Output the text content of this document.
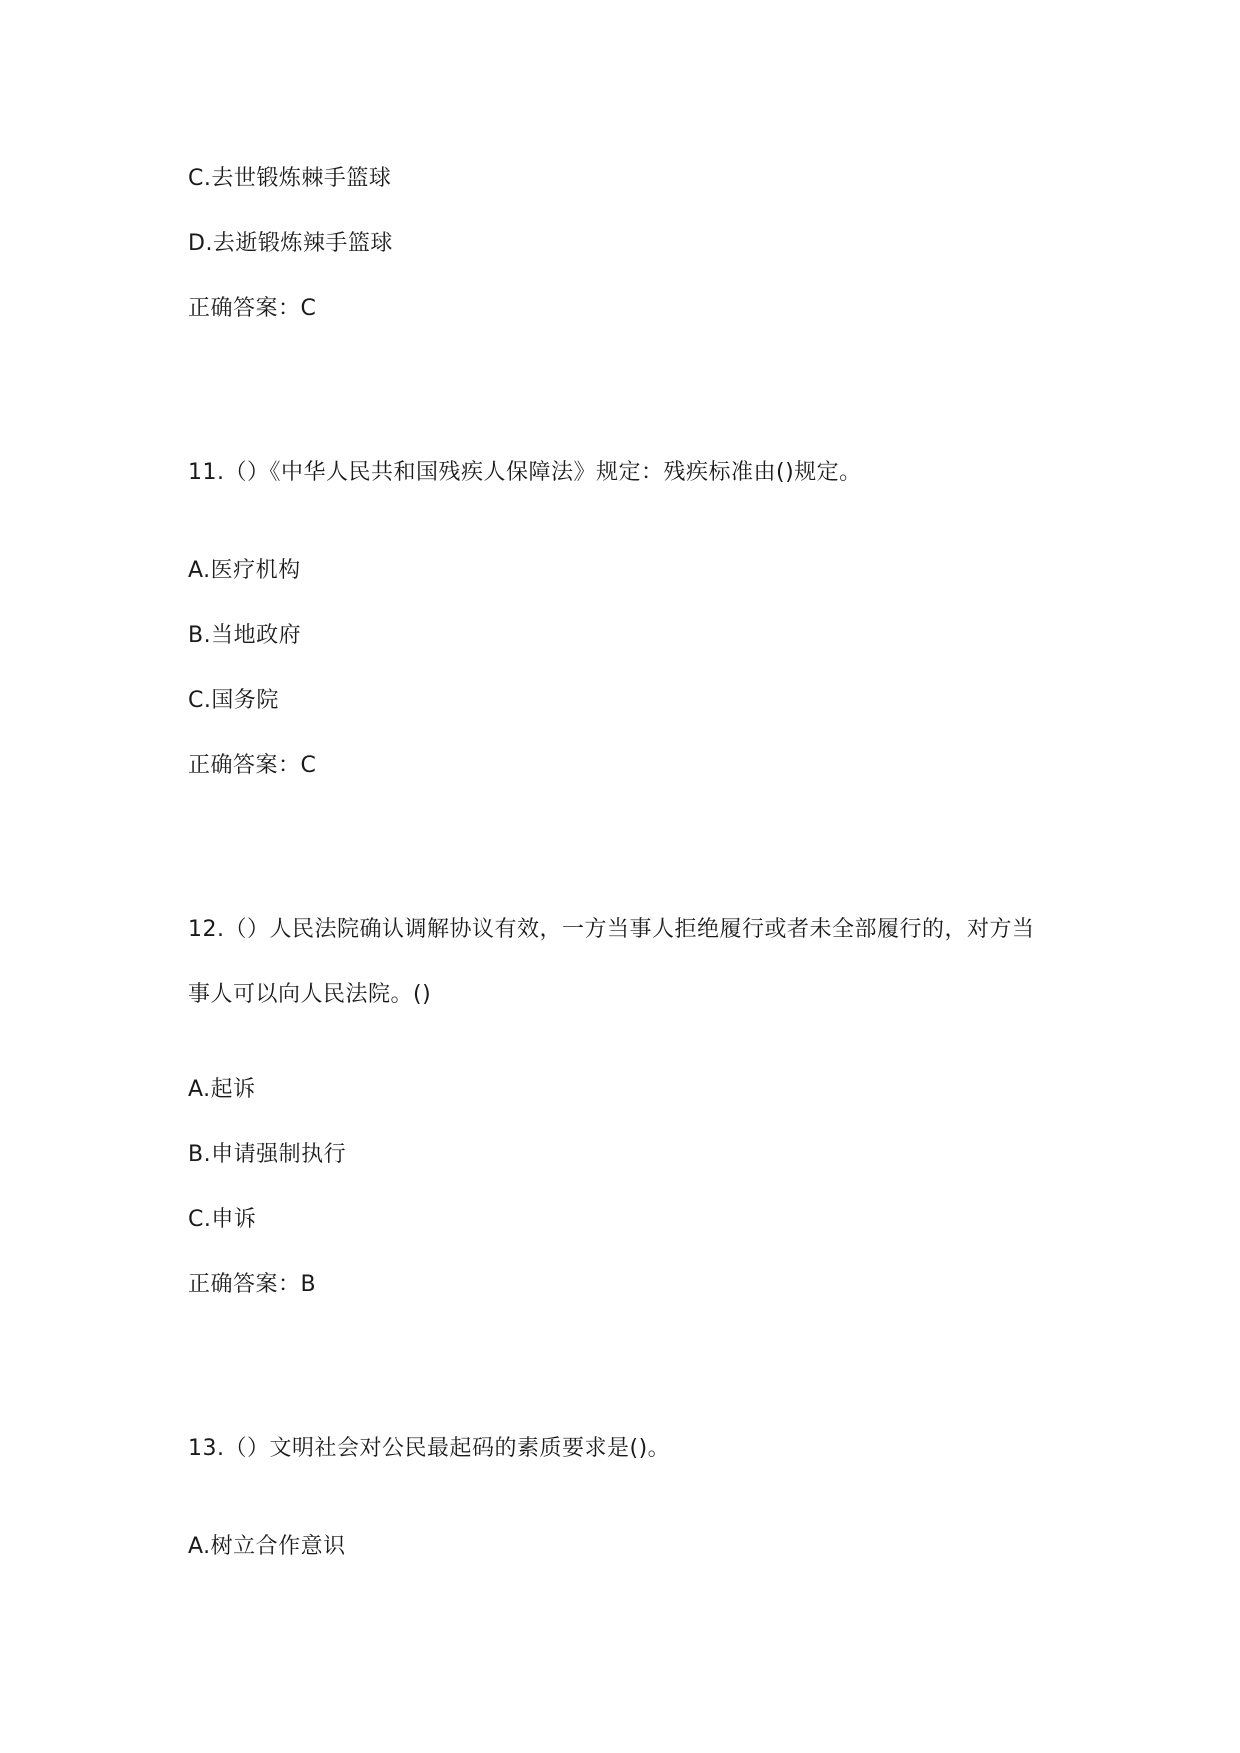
C.去世锻炼棘手篮球
D.去逝锻炼辣手篮球
正确答案：C
11.（）《中华人民共和国残疾人保障法》规定：残疾标准由()规定。
A.医疗机构
B.当地政府
C.国务院
正确答案：C
12.（）人民法院确认调解协议有效，一方当事人拒绝履行或者未全部履行的，对方当
事人可以向人民法院。()
A.起诉
B.申请强制执行
C.申诉
正确答案：B
13.（）文明社会对公民最起码的素质要求是()。
A.树立合作意识
